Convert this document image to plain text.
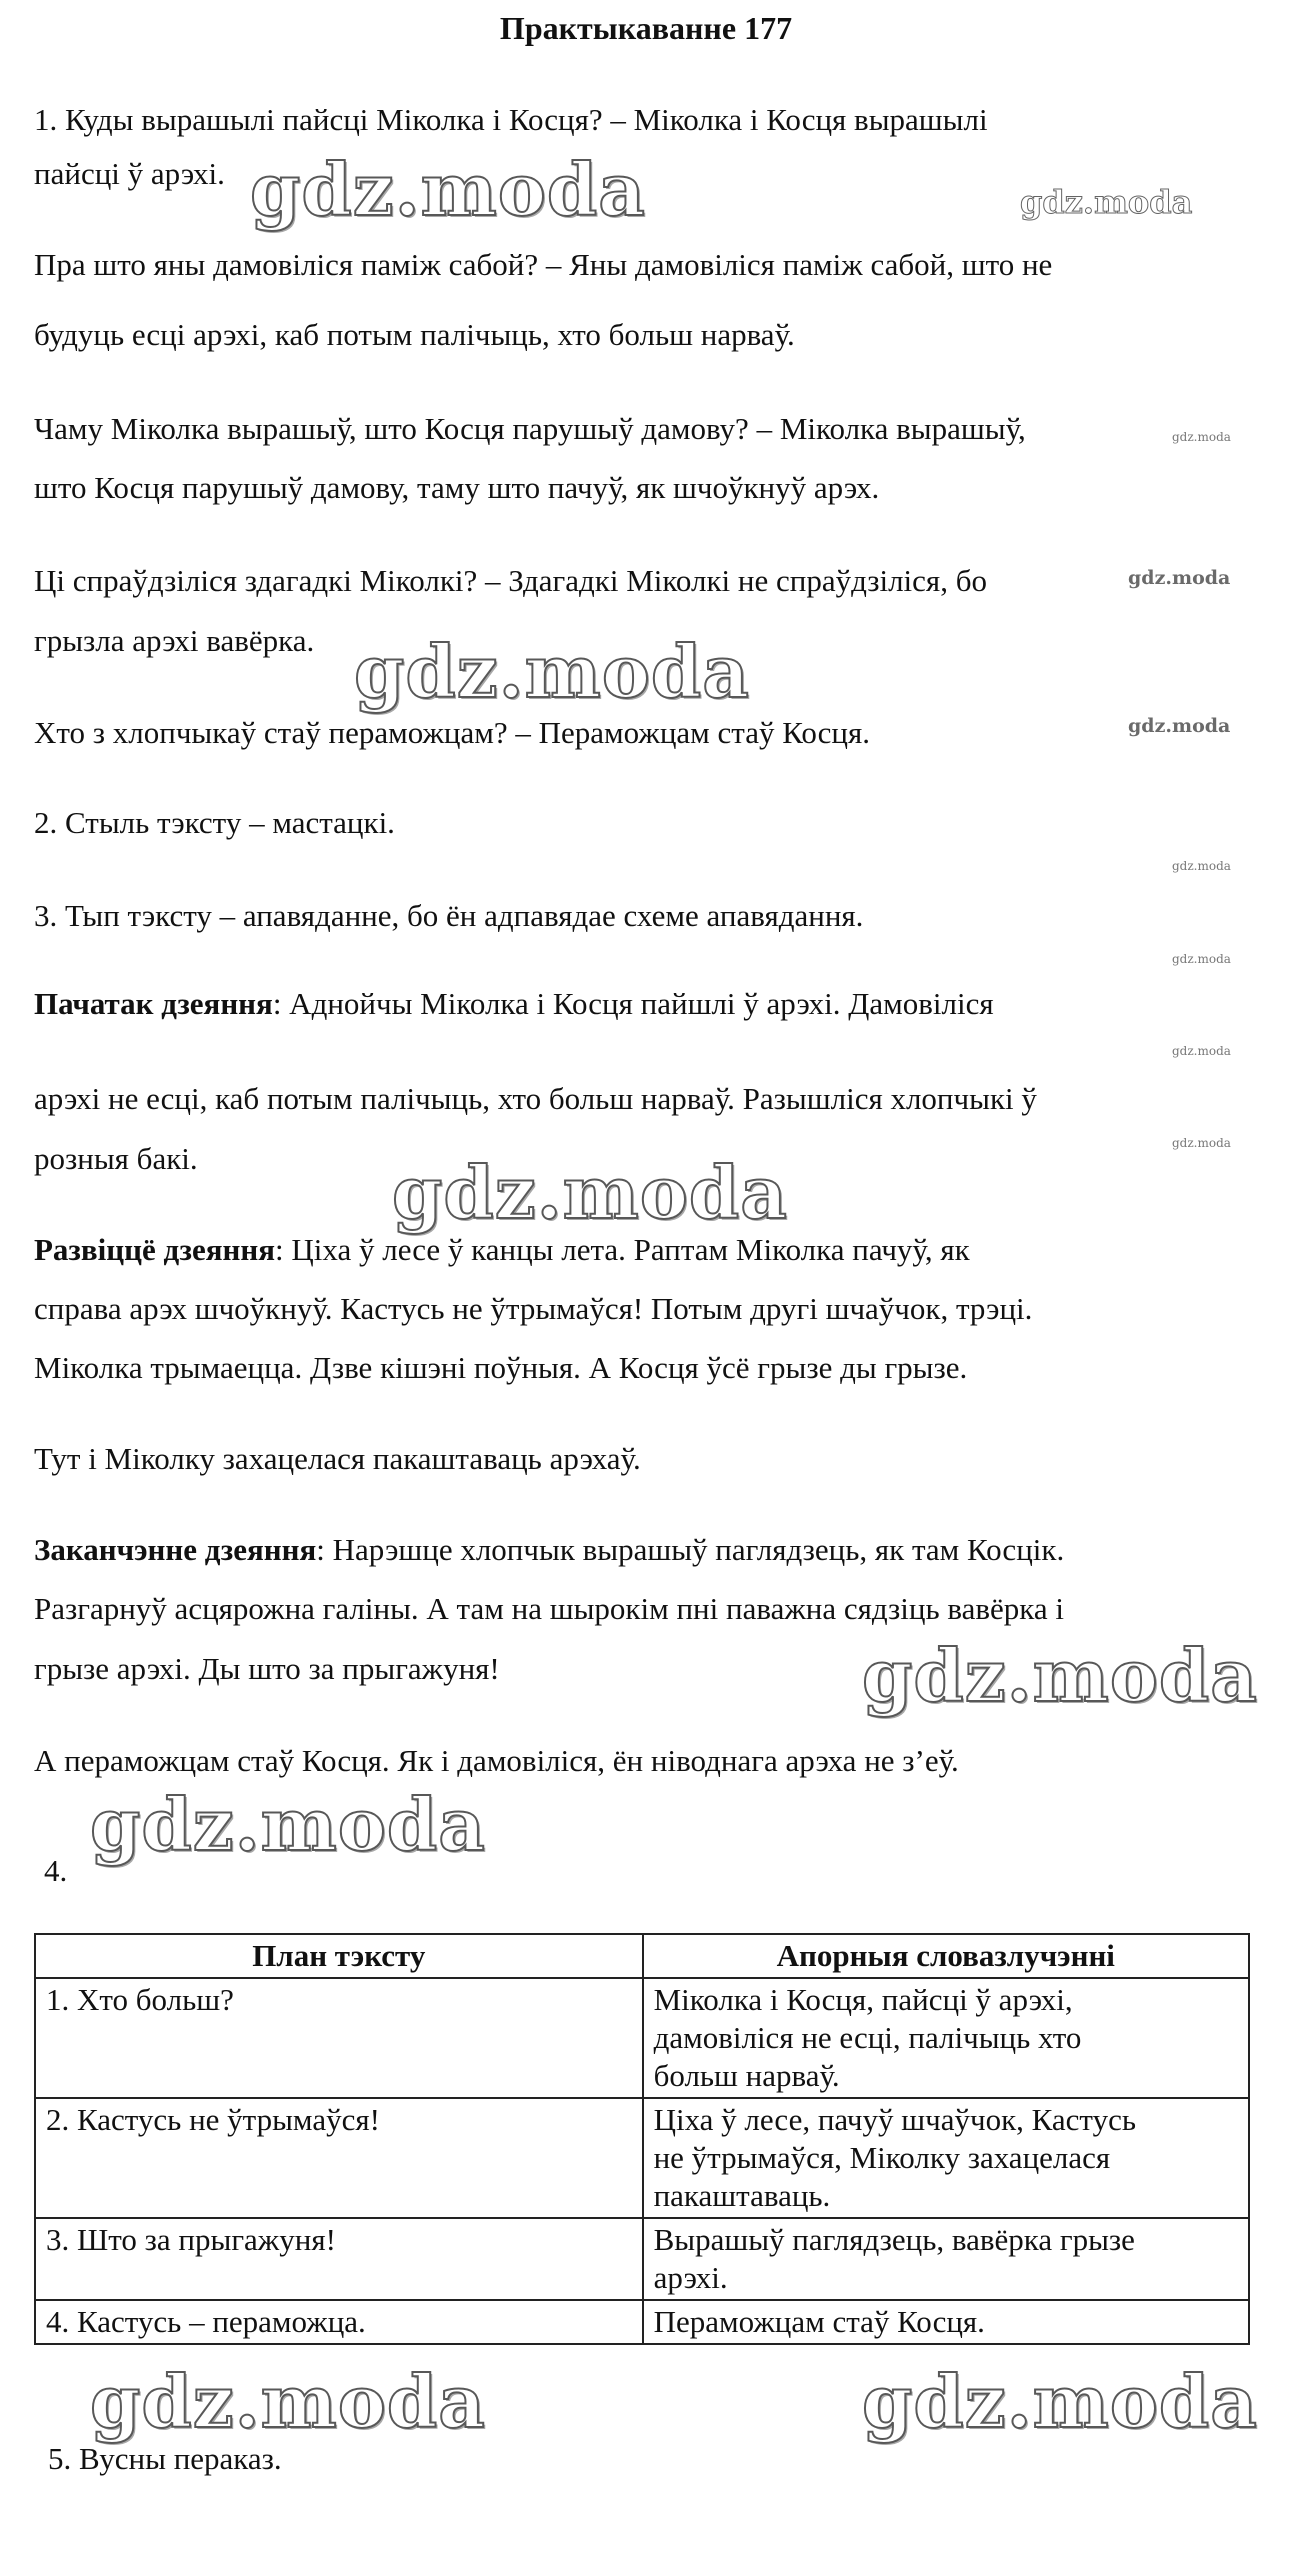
Практыкаванне 177
1. Куды вырашылі пайсці Міколка і Косця? – Міколка і Косця вырашылі
пайсці ў арэхі.
Пра што яны дамовіліся паміж сабой? – Яны дамовіліся паміж сабой, што не
будуць есці арэхі, каб потым палічыць, хто больш нарваў.
Чаму Міколка вырашыў, што Косця парушыў дамову? – Міколка вырашыў,
што Косця парушыў дамову, таму што пачуў, як шчоўкнуў арэх.
Ці спраўдзіліся здагадкі Міколкі? – Здагадкі Міколкі не спраўдзіліся, бо
грызла арэхі вавёрка.
Хто з хлопчыкаў стаў пераможцам? – Пераможцам стаў Косця.
2. Стыль тэксту – мастацкі.
3. Тып тэксту – апавяданне, бо ён адпавядае схеме апавядання.
Пачатак дзеяння: Аднойчы Міколка і Косця пайшлі ў арэхі. Дамовіліся
арэхі не есці, каб потым палічыць, хто больш нарваў. Разышліся хлопчыкі ў
розныя бакі.
Развіццё дзеяння: Ціха ў лесе ў канцы лета. Раптам Міколка пачуў, як
справа арэх шчоўкнуў. Кастусь не ўтрымаўся! Потым другі шчаўчок, трэці.
Міколка трымаецца. Дзве кішэні поўныя. А Косця ўсё грызе ды грызе.
Тут і Міколку захацелася пакаштаваць арэхаў.
Заканчэнне дзеяння: Нарэшце хлопчык вырашыў паглядзець, як там Косцік.
Разгарнуў асцярожна галіны. А там на шырокім пні паважна сядзіць вавёрка і
грызе арэхі. Ды што за прыгажуня!
А пераможцам стаў Косця. Як і дамовіліся, ён ніводнага арэха не з’еў.
4.
План тэксту	Апорныя словазлучэнні
1. Хто больш?	Міколка і Косця, пайсці ў арэхі,
дамовіліся не есці, палічыць хто
больш нарваў.

2. Кастусь не ўтрымаўся!	Ціха ў лесе, пачуў шчаўчок, Кастусь
не ўтрымаўся, Міколку захацелася
пакаштаваць.

3. Што за прыгажуня!	Вырашыў паглядзець, вавёрка грызе
арэхі.

4. Кастусь – пераможца.	Пераможцам стаў Косця.
5. Вусны пераказ.
gdz.moda	gdz.moda
gdz.moda
gdz.moda
gdz.moda
gdz.moda
gdz.moda
gdz.moda
gdz.moda
gdz.moda
gdz.moda
gdz.moda
gdz.moda
gdz.moda	gdz.moda
